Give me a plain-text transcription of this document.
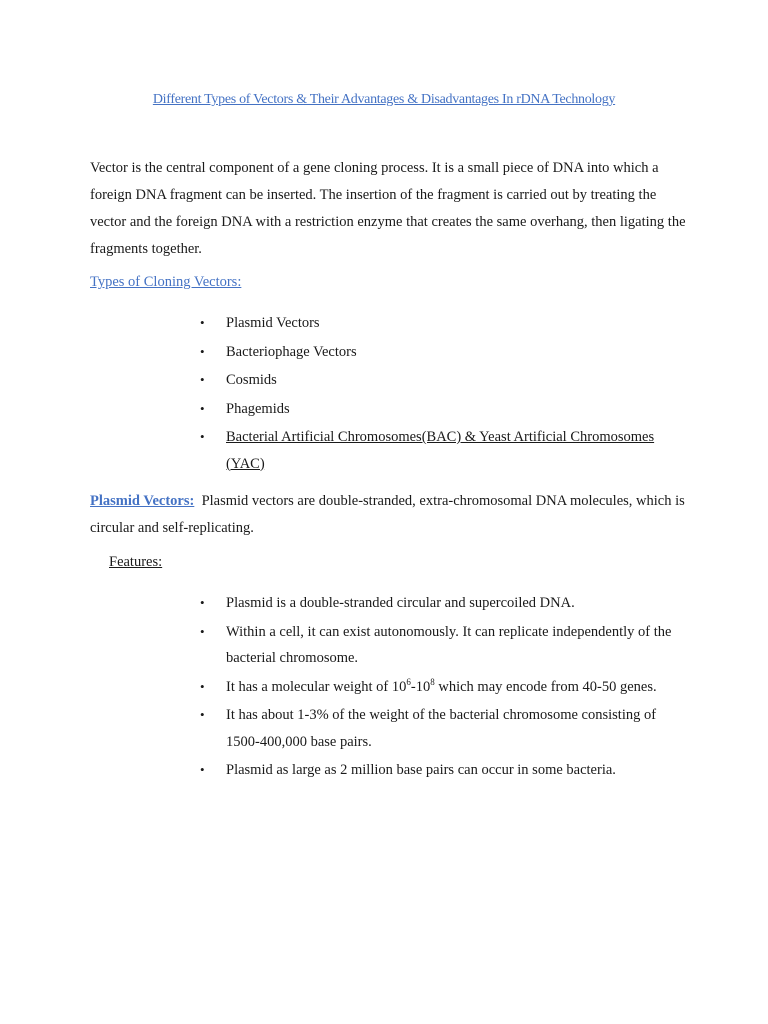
Different Types of Vectors & Their Advantages & Disadvantages In rDNA Technology

Vector is the central component of a gene cloning process. It is a small piece of DNA into which a foreign DNA fragment can be inserted. The insertion of the fragment is carried out by treating the vector and the foreign DNA with a restriction enzyme that creates the same overhang, then ligating the fragments together.

Types of Cloning Vectors:
• Plasmid Vectors
• Bacteriophage Vectors
• Cosmids
• Phagemids
• Bacterial Artificial Chromosomes(BAC) & Yeast Artificial Chromosomes (YAC)

Plasmid Vectors: Plasmid vectors are double-stranded, extra-chromosomal DNA molecules, which is circular and self-replicating.

Features:
• Plasmid is a double-stranded circular and supercoiled DNA.
• Within a cell, it can exist autonomously. It can replicate independently of the bacterial chromosome.
• It has a molecular weight of $10^6-10^8$ which may encode from 40-50 genes.
• It has about 1-3% of the weight of the bacterial chromosome consisting of 1500-400,000 base pairs.
• Plasmid as large as 2 million base pairs can occur in some bacteria.
